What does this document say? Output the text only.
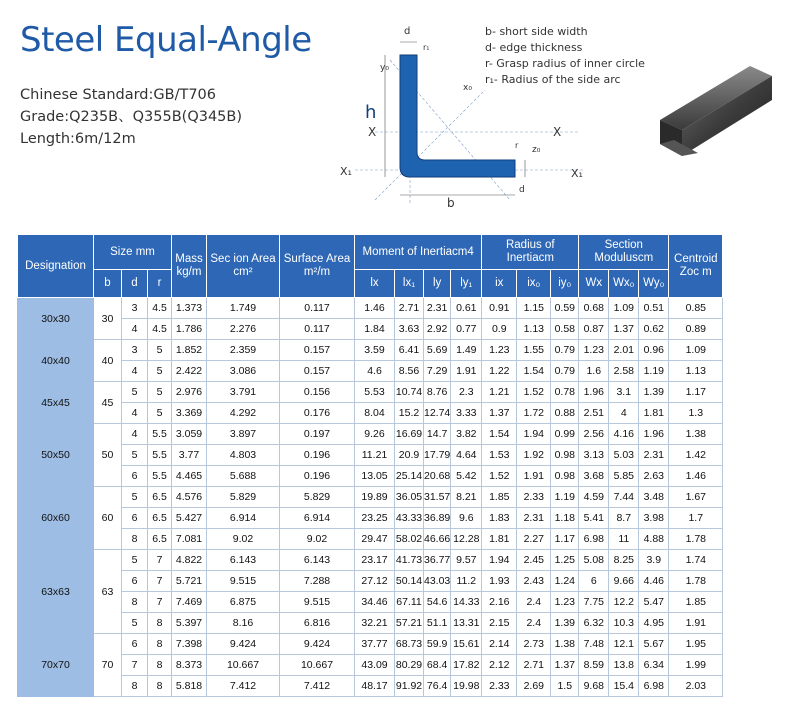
Steel Equal-Angle
Chinese Standard:GB/T706
Grade:Q235B、Q355B(Q345B)
Length:6m/12m
d
r₁
y₀
h
x₀
X	X
X₁	X₁
b
z₀
r
d
b- short side width
d- edge thickness
r- Grasp radius of inner circle
r₁- Radius of the side arc
Designation	Size mm			Mass
kg/m	Sec ion Area
cm²	Surface Area
m²/m	Moment of Inertiacm4				Radius of
Inertiacm			Section
Moduluscm			Centroid
Zoc m
	b	d	r				lx	lx₁	ly	ly₁	ix	ix₀	iy₀	Wx	Wx₀	Wy₀	
30x30	30	3	4.5	1.373	1.749	0.117	1.46	2.71	2.31	0.61	0.91	1.15	0.59	0.68	1.09	0.51	0.85
		4	4.5	1.786	2.276	0.117	1.84	3.63	2.92	0.77	0.9	1.13	0.58	0.87	1.37	0.62	0.89
40x40	40	3	5	1.852	2.359	0.157	3.59	6.41	5.69	1.49	1.23	1.55	0.79	1.23	2.01	0.96	1.09
		4	5	2.422	3.086	0.157	4.6	8.56	7.29	1.91	1.22	1.54	0.79	1.6	2.58	1.19	1.13
45x45	45	5	5	2.976	3.791	0.156	5.53	10.74	8.76	2.3	1.21	1.52	0.78	1.96	3.1	1.39	1.17
		4	5	3.369	4.292	0.176	8.04	15.2	12.74	3.33	1.37	1.72	0.88	2.51	4	1.81	1.3
50x50	50	4	5.5	3.059	3.897	0.197	9.26	16.69	14.7	3.82	1.54	1.94	0.99	2.56	4.16	1.96	1.38
		5	5.5	3.77	4.803	0.196	11.21	20.9	17.79	4.64	1.53	1.92	0.98	3.13	5.03	2.31	1.42
		6	5.5	4.465	5.688	0.196	13.05	25.14	20.68	5.42	1.52	1.91	0.98	3.68	5.85	2.63	1.46
60x60	60	5	6.5	4.576	5.829	5.829	19.89	36.05	31.57	8.21	1.85	2.33	1.19	4.59	7.44	3.48	1.67
		6	6.5	5.427	6.914	6.914	23.25	43.33	36.89	9.6	1.83	2.31	1.18	5.41	8.7	3.98	1.7
		8	6.5	7.081	9.02	9.02	29.47	58.02	46.66	12.28	1.81	2.27	1.17	6.98	11	4.88	1.78
63x63	63	5	7	4.822	6.143	6.143	23.17	41.73	36.77	9.57	1.94	2.45	1.25	5.08	8.25	3.9	1.74
		6	7	5.721	9.515	7.288	27.12	50.14	43.03	11.2	1.93	2.43	1.24	6	9.66	4.46	1.78
		8	7	7.469	6.875	9.515	34.46	67.11	54.6	14.33	2.16	2.4	1.23	7.75	12.2	5.47	1.85
		5	8	5.397	8.16	6.816	32.21	57.21	51.1	13.31	2.15	2.4	1.39	6.32	10.3	4.95	1.91
70x70	70	6	8	7.398	9.424	9.424	37.77	68.73	59.9	15.61	2.14	2.73	1.38	7.48	12.1	5.67	1.95
		7	8	8.373	10.667	10.667	43.09	80.29	68.4	17.82	2.12	2.71	1.37	8.59	13.8	6.34	1.99
		8	8	5.818	7.412	7.412	48.17	91.92	76.4	19.98	2.33	2.69	1.5	9.68	15.4	6.98	2.03
